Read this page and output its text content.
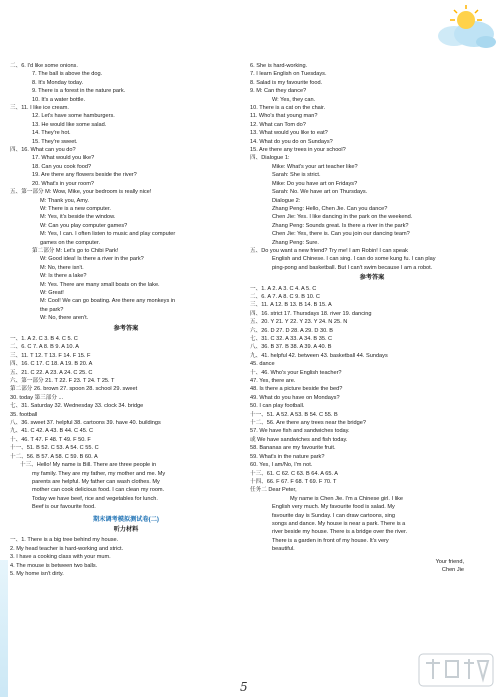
二、6. I'd like some onions.
7. The ball is above the dog.
8. It's Monday today.
9. There is a forest in the nature park.
10. It's a water bottle.
三、11. I like ice cream.
12. Let's have some hamburgers.
13. He would like some salad.
14. They're hot.
15. They're sweet.
四、16. What can you do?
17. What would you like?
18. Can you cook food?
19. Are there any flowers beside the river?
20. What's in your room?
五、第一部分 M: Wow, Mike, your bedroom is really nice!
M: Thank you, Amy.
W: There is a new computer.
M: Yes, it's beside the window.
W: Can you play computer games?
M: Yes, I can. I often listen to music and play computer
games on the computer.
第二部分 M: Let's go to Chibi Park!
W: Good idea! Is there a river in the park?
M: No, there isn't.
W: Is there a lake?
M: Yes. There are many small boats on the lake.
W: Great!
M: Cool! We can go boating. Are there any monkeys in
the park?
W: No, there aren't.
参考答案
一、1. A 2. C 3. B 4. C 5. C
二、6. C 7. A 8. B 9. A 10. A
三、11. T 12. T 13. F 14. F 15. F
四、16. C 17. C 18. A 19. B 20. A
五、21. C 22. A 23. A 24. C 25. C
六、第一部分 21. T 22. F 23. T 24. T 25. T
第二部分 26. brown 27. spoon 28. school 29. sweet
30. today 第三部分 ...
七、31. Saturday 32. Wednesday 33. clock 34. bridge
35. football
八、36. sweet 37. helpful 38. cartoons 39. have 40. buildings
九、41. C 42. A 43. B 44. C 45. C
十、46. T 47. F 48. T 49. F 50. F
十一、51. B 52. C 53. A 54. C 55. C
十二、56. B 57. A 58. C 59. B 60. A
十三、Hello! My name is Bill. There are three people in
my family. They are my father, my mother and me. My
parents are helpful. My father can wash clothes. My
mother can cook delicious food. I can clean my room.
Today we have beef, rice and vegetables for lunch.
Beef is our favourite food.
期末调考模拟测试卷(二)
听力材料
一、1. There is a big tree behind my house.
2. My head teacher is hard-working and strict.
3. I have a cooking class with your mum.
4. The mouse is between two balls.
5. My home isn't dirty.
6. She is hard-working.
7. I learn English on Tuesdays.
8. Salad is my favourite food.
9. M: Can they dance?
W: Yes, they can.
10. There is a cat on the chair.
11. Who's that young man?
12. What can Tom do?
13. What would you like to eat?
14. What do you do on Sundays?
15. Are there any trees in your school?
四、Dialogue 1:
Mike: What's your art teacher like?
Sarah: She is strict.
Mike: Do you have art on Fridays?
Sarah: No. We have art on Thursdays.
Dialogue 2:
Zhang Peng: Hello, Chen Jie. Can you dance?
Chen Jie: Yes. I like dancing in the park on the weekend.
Zhang Peng: Sounds great. Is there a river in the park?
Chen Jie: Yes, there is. Can you join our dancing team?
Zhang Peng: Sure.
五、Do you want a new friend? Try me! I am Robin! I can speak
English and Chinese. I can sing. I can do some kung fu. I can play
ping-pong and basketball. But I can't swim because I am a robot.
参考答案
一、1. A 2. A 3. C 4. A 5. C
二、6. A 7. A 8. C 9. B 10. C
三、11. A 12. B 13. B 14. B 15. A
四、16. strict 17. Thursdays 18. river 19. dancing
五、20. Y 21. Y 22. Y 23. Y 24. N 25. N
六、26. D 27. D 28. A 29. D 30. B
七、31. C 32. A 33. A 34. B 35. C
八、36. B 37. B 38. A 39. A 40. B
九、41. helpful 42. between 43. basketball 44. Sundays
45. dance
十、46. Who's your English teacher?
47. Yes, there are.
48. Is there a picture beside the bed?
49. What do you have on Mondays?
50. I can play football.
十一、51. A 52. A 53. B 54. C 55. B
十二、56. Are there any trees near the bridge?
57. We have fish and sandwiches today.
或 We have sandwiches and fish today.
58. Bananas are my favourite fruit.
59. What's in the nature park?
60. Yes, I am/No, I'm not.
十三、61. C 62. C 63. B 64. A 65. A
十四、66. F 67. F 68. T 69. F 70. T
任务二 Dear Peter,
My name is Chen Jie. I'm a Chinese girl. I like
English very much. My favourite food is salad. My
favourite day is Sunday. I can draw cartoons, sing
songs and dance. My house is near a park. There is a
river beside my house. There is a bridge over the river.
There is a garden in front of my house. It's very
beautiful.
Your friend,
Chen Jie
5
